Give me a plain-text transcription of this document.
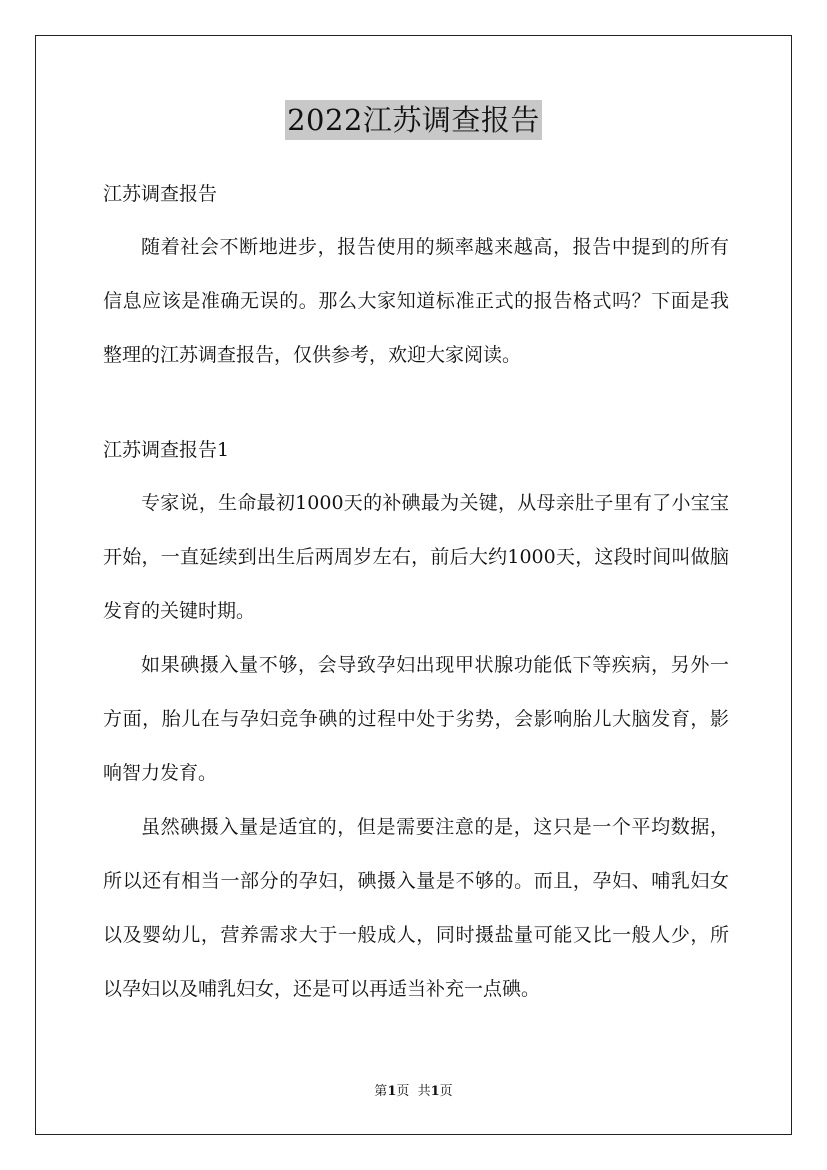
2022江苏调查报告

江苏调查报告

随着社会不断地进步，报告使用的频率越来越高，报告中提到的所有信息应该是准确无误的。那么大家知道标准正式的报告格式吗？下面是我整理的江苏调查报告，仅供参考，欢迎大家阅读。

江苏调查报告1

专家说，生命最初1000天的补碘最为关键，从母亲肚子里有了小宝宝开始，一直延续到出生后两周岁左右，前后大约1000天，这段时间叫做脑发育的关键时期。

如果碘摄入量不够，会导致孕妇出现甲状腺功能低下等疾病，另外一方面，胎儿在与孕妇竞争碘的过程中处于劣势，会影响胎儿大脑发育，影响智力发育。

虽然碘摄入量是适宜的，但是需要注意的是，这只是一个平均数据，所以还有相当一部分的孕妇，碘摄入量是不够的。而且，孕妇、哺乳妇女以及婴幼儿，营养需求大于一般成人，同时摄盐量可能又比一般人少，所以孕妇以及哺乳妇女，还是可以再适当补充一点碘。

第1页  共1页
